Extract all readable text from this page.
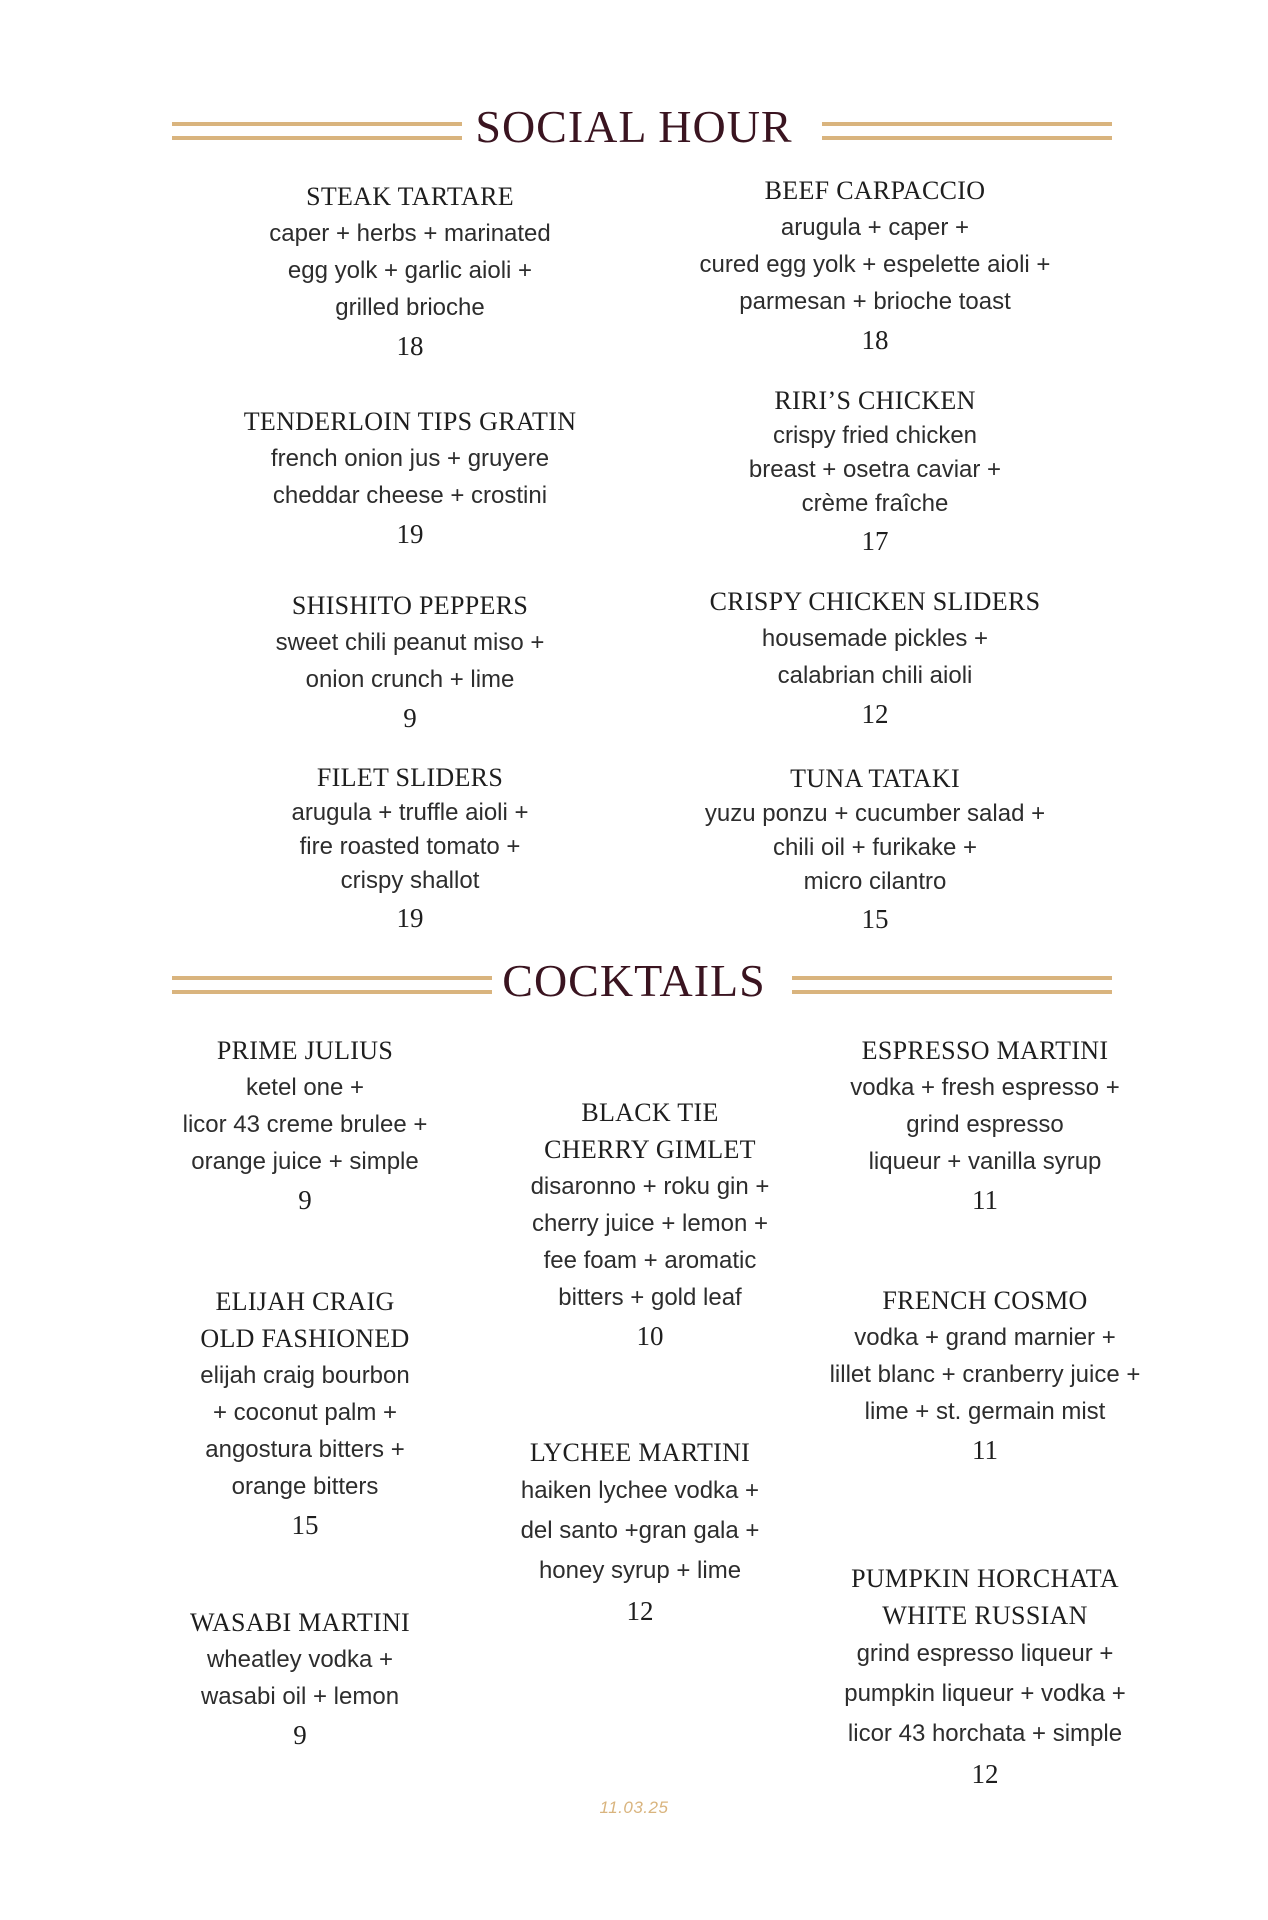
SOCIAL HOUR
STEAK TARTARE
caper + herbs + marinated
egg yolk + garlic aioli +
grilled brioche
18
BEEF CARPACCIO
arugula + caper +
cured egg yolk + espelette aioli +
parmesan + brioche toast
18
TENDERLOIN TIPS GRATIN
french onion jus + gruyere
cheddar cheese + crostini
19
RIRI’S CHICKEN
crispy fried chicken
breast + osetra caviar +
crème fraîche
17
SHISHITO PEPPERS
sweet chili peanut miso +
onion crunch + lime
9
CRISPY CHICKEN SLIDERS
housemade pickles +
calabrian chili aioli
12
FILET SLIDERS
arugula + truffle aioli +
fire roasted tomato +
crispy shallot
19
TUNA TATAKI
yuzu ponzu + cucumber salad +
chili oil + furikake +
micro cilantro
15
COCKTAILS
PRIME JULIUS
ketel one +
licor 43 creme brulee +
orange juice + simple
9
BLACK TIE
CHERRY GIMLET
disaronno + roku gin +
cherry juice + lemon +
fee foam + aromatic
bitters + gold leaf
10
ESPRESSO MARTINI
vodka + fresh espresso +
grind espresso
liqueur + vanilla syrup
11
ELIJAH CRAIG
OLD FASHIONED
elijah craig bourbon
+ coconut palm +
angostura bitters +
orange bitters
15
LYCHEE MARTINI
haiken lychee vodka +
del santo +gran gala +
honey syrup + lime
12
FRENCH COSMO
vodka + grand marnier +
lillet blanc + cranberry juice +
lime + st. germain mist
11
WASABI MARTINI
wheatley vodka +
wasabi oil + lemon
9
PUMPKIN HORCHATA
WHITE RUSSIAN
grind espresso liqueur +
pumpkin liqueur + vodka +
licor 43 horchata + simple
12
11.03.25
